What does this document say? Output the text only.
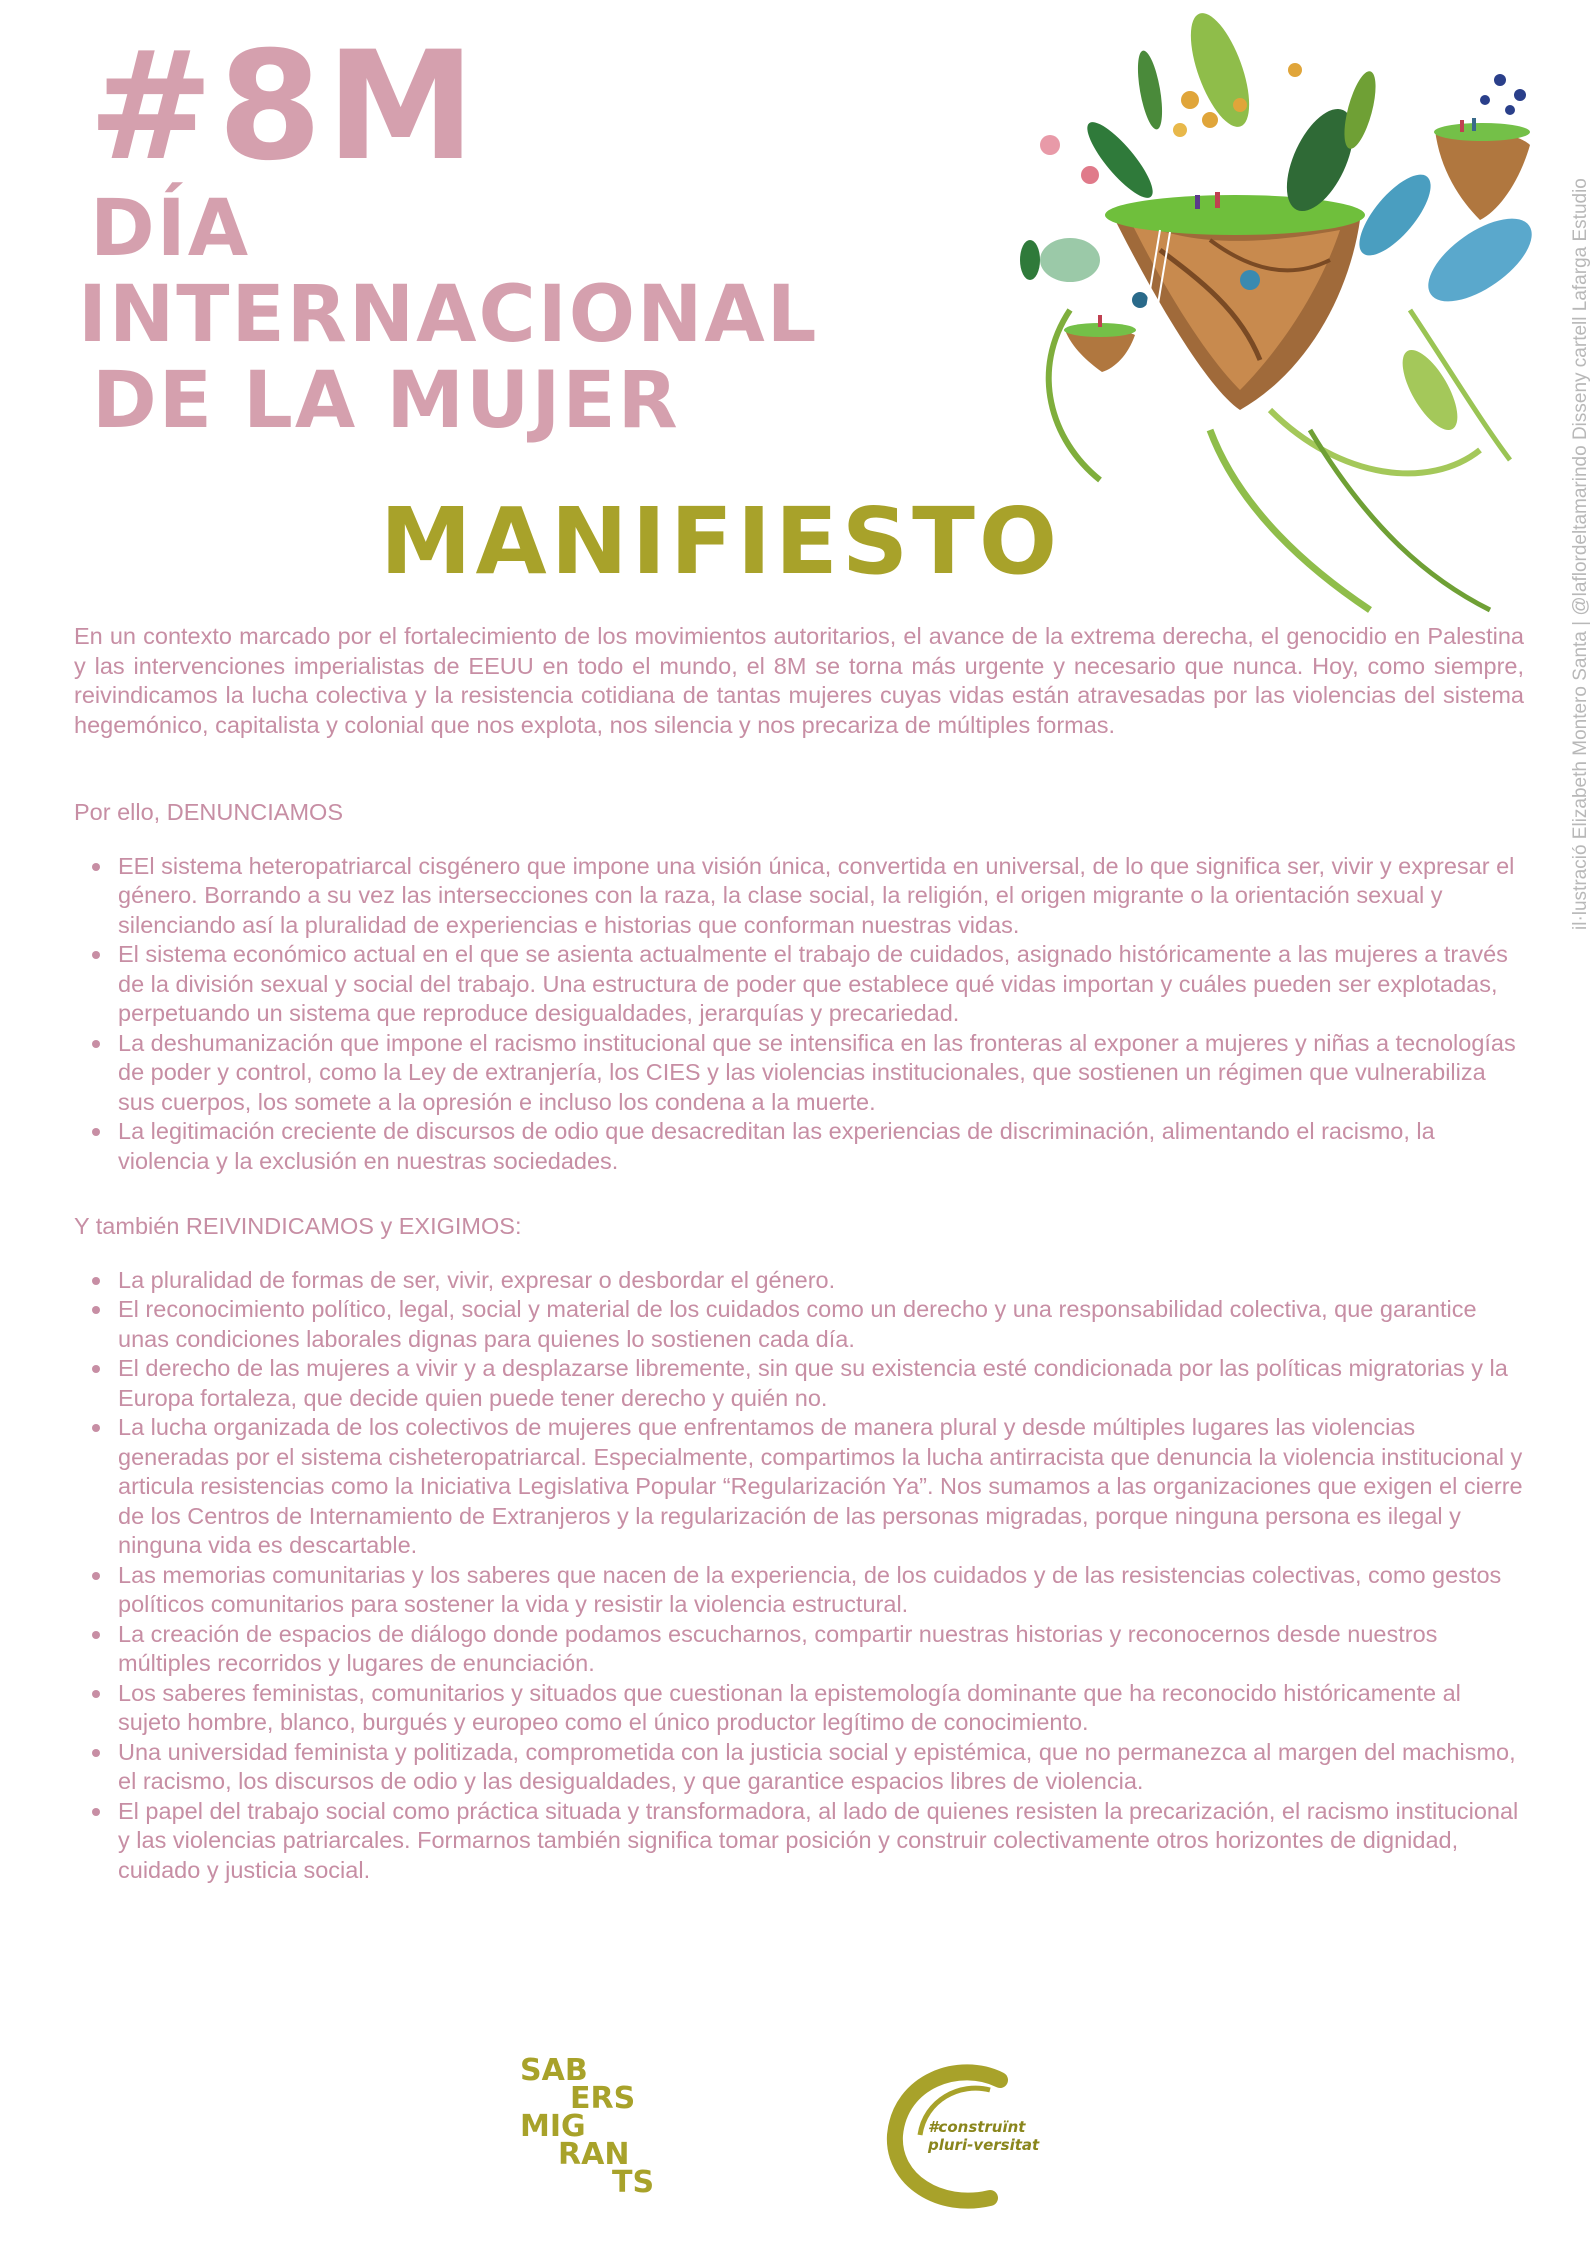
#8M
DÍA
INTERNACIONAL
DE LA MUJER
MANIFIESTO	il·lustració Elizabeth Montero Santa | @laflordeltamarindo Disseny cartell Lafarga Estudio

En un contexto marcado por el fortalecimiento de los movimientos autoritarios, el avance de la extrema derecha, el genocidio en Palestina y las intervenciones imperialistas de EEUU en todo el mundo, el 8M se torna más urgente y necesario que nunca. Hoy, como siempre, reivindicamos la lucha colectiva y la resistencia cotidiana de tantas mujeres cuyas vidas están atravesadas por las violencias del sistema hegemónico, capitalista y colonial que nos explota, nos silencia y nos precariza de múltiples formas.

Por ello, DENUNCIAMOS
EEl sistema heteropatriarcal cisgénero que impone una visión única, convertida en universal, de lo que significa ser, vivir y expresar el género. Borrando a su vez las intersecciones con la raza, la clase social, la religión, el origen migrante o la orientación sexual y silenciando así la pluralidad de experiencias e historias que conforman nuestras vidas.
El sistema económico actual en el que se asienta actualmente el trabajo de cuidados, asignado históricamente a las mujeres a través de la división sexual y social del trabajo. Una estructura de poder que establece qué vidas importan y cuáles pueden ser explotadas, perpetuando un sistema que reproduce desigualdades, jerarquías y precariedad.
La deshumanización que impone el racismo institucional que se intensifica en las fronteras al exponer a mujeres y niñas a tecnologías de poder y control, como la Ley de extranjería, los CIES y las violencias institucionales, que sostienen un régimen que vulnerabiliza sus cuerpos, los somete a la opresión e incluso los condena a la muerte.
La legitimación creciente de discursos de odio que desacreditan las experiencias de discriminación, alimentando el racismo, la violencia y la exclusión en nuestras sociedades.
Y también REIVINDICAMOS y EXIGIMOS:
La pluralidad de formas de ser, vivir, expresar o desbordar el género.
El reconocimiento político, legal, social y material de los cuidados como un derecho y una responsabilidad colectiva, que garantice unas condiciones laborales dignas para quienes lo sostienen cada día.
El derecho de las mujeres a vivir y a desplazarse libremente, sin que su existencia esté condicionada por las políticas migratorias y la Europa fortaleza, que decide quien puede tener derecho y quién no.
La lucha organizada de los colectivos de mujeres que enfrentamos de manera plural y desde múltiples lugares las violencias generadas por el sistema cisheteropatriarcal. Especialmente, compartimos la lucha antirracista que denuncia la violencia institucional y articula resistencias como la Iniciativa Legislativa Popular “Regularización Ya”. Nos sumamos a las organizaciones que exigen el cierre de los Centros de Internamiento de Extranjeros y la regularización de las personas migradas, porque ninguna persona es ilegal y ninguna vida es descartable.
Las memorias comunitarias y los saberes que nacen de la experiencia, de los cuidados y de las resistencias colectivas, como gestos políticos comunitarios para sostener la vida y resistir la violencia estructural.
La creación de espacios de diálogo donde podamos escucharnos, compartir nuestras historias y reconocernos desde nuestros múltiples recorridos y lugares de enunciación.
Los saberes feministas, comunitarios y situados que cuestionan la epistemología dominante que ha reconocido históricamente al sujeto hombre, blanco, burgués y europeo como el único productor legítimo de conocimiento.
Una universidad feminista y politizada, comprometida con la justicia social y epistémica, que no permanezca al margen del machismo, el racismo, los discursos de odio y las desigualdades, y que garantice espacios libres de violencia.
El papel del trabajo social como práctica situada y transformadora, al lado de quienes resisten la precarización, el racismo institucional y las violencias patriarcales. Formarnos también significa tomar posición y construir colectivamente otros horizontes de dignidad, cuidado y justicia social.
SAB
ERS
MIG
RAN
TS
#construïnt
pluri-versitat
